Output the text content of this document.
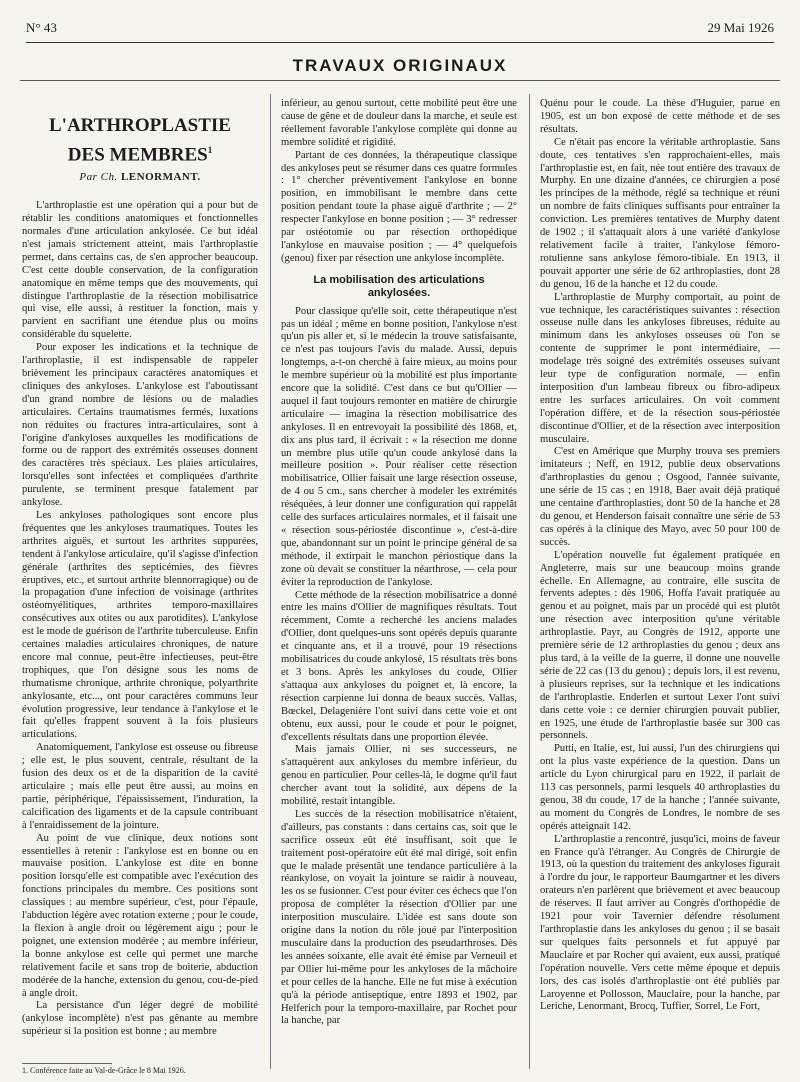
N° 43	29 Mai 1926
TRAVAUX ORIGINAUX
L'ARTHROPLASTIE
DES MEMBRES$^1$
Par Ch. LENORMANT.

L'arthroplastie est une opération qui a pour but de rétablir les conditions anatomiques et fonctionnelles normales d'une articulation ankylosée. Ce but idéal n'est jamais strictement atteint, mais l'arthroplastie permet, dans certains cas, de s'en approcher beaucoup. C'est cette double conservation, de la configuration anatomique en même temps que des mouvements, qui distingue l'arthroplastie de la résection mobilisatrice qui vise, elle aussi, à restituer la fonction, mais y parvient en sacrifiant une étendue plus ou moins considérable du squelette.

Pour exposer les indications et la technique de l'arthroplastie, il est indispensable de rappeler brièvement les principaux caractères anatomiques et cliniques des ankyloses. L'ankylose est l'aboutissant d'un grand nombre de lésions ou de maladies articulaires. Certains traumatismes fermés, luxations non réduites ou fractures intra-articulaires, sont à l'origine d'ankyloses auxquelles les modifications de forme ou de rapport des extrémités osseuses donnent des caractères très spéciaux. Les plaies articulaires, lorsqu'elles sont infectées et compliquées d'arthrite purulente, se terminent presque fatalement par ankylose.

Les ankyloses pathologiques sont encore plus fréquentes que les ankyloses traumatiques. Toutes les arthrites aiguës, et surtout les arthrites suppurées, tendent à l'ankylose articulaire, qu'il s'agisse d'infection générale (arthrites des septicémies, des fièvres éruptives, etc., et surtout arthrite blennorragique) ou de la propagation d'une infection de voisinage (arthrites ostéomyélitiques, arthrites temporo-maxillaires consécutives aux otites ou aux parotidites). L'ankylose est le mode de guérison de l'arthrite tuberculeuse. Enfin certaines maladies articulaires chroniques, de nature encore mal connue, peut-être infectieuses, peut-être trophiques, que l'on désigne sous les noms de rhumatisme chronique, arthrite chronique, polyarthrite ankylosante, etc..., ont pour caractères communs leur évolution progressive, leur tendance à l'ankylose et le fait qu'elles frappent souvent à la fois plusieurs articulations.

Anatomiquement, l'ankylose est osseuse ou fibreuse ; elle est, le plus souvent, centrale, résultant de la fusion des deux os et de la disparition de la cavité articulaire ; mais elle peut être aussi, au moins en partie, périphérique, l'épaississement, l'induration, la calcification des ligaments et de la capsule contribuant à l'enraidissement de la jointure.

Au point de vue clinique, deux notions sont essentielles à retenir : l'ankylose est en bonne ou en mauvaise position. L'ankylose est dite en bonne position lorsqu'elle est compatible avec l'exécution des fonctions principales du membre. Ces positions sont classiques : au membre supérieur, c'est, pour l'épaule, l'abduction légère avec rotation externe ; pour le coude, la flexion à angle droit ou légèrement aigu ; pour le poignet, une extension modérée ; au membre inférieur, la bonne ankylose est celle qui permet une marche relativement facile et sans trop de boiterie, abduction modérée de la hanche, extension du genou, cou-de-pied à angle droit.

La persistance d'un léger degré de mobilité (ankylose incomplète) n'est pas gênante au membre supérieur si la position est bonne ; au membre

inférieur, au genou surtout, cette mobilité peut être une cause de gêne et de douleur dans la marche, et seule est réellement favorable l'ankylose complète qui donne au membre solidité et rigidité.

Partant de ces données, la thérapeutique classique des ankyloses peut se résumer dans ces quatre formules : 1° chercher préventivement l'ankylose en bonne position, en immobilisant le membre dans cette position pendant toute la phase aiguë d'arthrite ; — 2° respecter l'ankylose en bonne position ; — 3° redresser par ostéotomie ou par résection orthopédique l'ankylose en mauvaise position ; — 4° quelquefois (genou) fixer par résection une ankylose incomplète.

La mobilisation des articulations ankylosées.

Pour classique qu'elle soit, cette thérapeutique n'est pas un idéal ; même en bonne position, l'ankylose n'est qu'un pis aller et, si le médecin la trouve satisfaisante, ce n'est pas toujours l'avis du malade. Aussi, depuis longtemps, a-t-on cherché à faire mieux, au moins pour le membre supérieur où la mobilité est plus importante encore que la solidité. C'est dans ce but qu'Ollier — auquel il faut toujours remonter en matière de chirurgie articulaire — imagina la résection mobilisatrice des ankyloses. Il en entrevoyait la possibilité dès 1868, et, dix ans plus tard, il écrivait : « la résection me donne un membre plus utile qu'un coude ankylosé dans la meilleure position ». Pour réaliser cette résection mobilisatrice, Ollier faisait une large résection osseuse, de 4 ou 5 cm., sans chercher à modeler les extrémités réséquées, à leur donner une configuration qui rappelât celle des surfaces articulaires normales, et il faisait une « résection sous-périostée discontinue », c'est-à-dire que, abandonnant sur un point le principe général de sa méthode, il extirpait le manchon périostique dans la zone où devait se constituer la néarthrose, — cela pour éviter la reproduction de l'ankylose.

Cette méthode de la résection mobilisatrice a donné entre les mains d'Ollier de magnifiques résultats. Tout récemment, Comte a recherché les anciens malades d'Ollier, dont quelques-uns sont opérés depuis quarante et cinquante ans, et il a trouvé, pour 19 résections mobilisatrices du coude ankylosé, 15 résultats très bons et 3 bons. Après les ankyloses du coude, Ollier s'attaqua aux ankyloses du poignet et, là encore, la résection carpienne lui donna de beaux succès. Vallas, Bœckel, Delagenière l'ont suivi dans cette voie et ont obtenu, eux aussi, pour le coude et pour le poignet, d'excellents résultats dans une proportion élevée.

Mais jamais Ollier, ni ses successeurs, ne s'attaquèrent aux ankyloses du membre inférieur, du genou en particulier. Pour celles-là, le dogme qu'il faut chercher avant tout la solidité, aux dépens de la mobilité, restait intangible.

Les succès de la résection mobilisatrice n'étaient, d'ailleurs, pas constants : dans certains cas, soit que le sacrifice osseux eût été insuffisant, soit que le traitement post-opératoire eût été mal dirigé, soit enfin que le malade présentât une tendance particulière à la réankylose, on voyait la jointure se raidir à nouveau, les os se fusionner. C'est pour éviter ces échecs que l'on proposa de compléter la résection d'Ollier par une interposition musculaire. L'idée est sans doute son origine dans la notion du rôle joué par l'interposition musculaire dans la production des pseudarthroses. Dès les années soixante, elle avait été émise par Verneuil et par Ollier lui-même pour les ankyloses de la mâchoire et pour celles de la hanche. Elle ne fut mise à exécution qu'à la période antiseptique, entre 1893 et 1902, par Helferich pour la temporo-maxillaire, par Rochet pour la hanche, par

Quénu pour le coude. La thèse d'Huguier, parue en 1905, est un bon exposé de cette méthode et de ses résultats.

Ce n'était pas encore la véritable arthroplastie. Sans doute, ces tentatives s'en rapprochaient-elles, mais l'arthroplastie est, en fait, née tout entière des travaux de Murphy. En une dizaine d'années, ce chirurgien a posé les principes de la méthode, réglé sa technique et réuni un nombre de faits cliniques suffisants pour entraîner la conviction. Les premières tentatives de Murphy datent de 1902 ; il s'attaquait alors à une variété d'ankylose relativement facile à traiter, l'ankylose fémoro-rotulienne sans ankylose fémoro-tibiale. En 1913, il pouvait apporter une série de 62 arthroplasties, dont 28 du genou, 16 de la hanche et 12 du coude.

L'arthroplastie de Murphy comportait, au point de vue technique, les caractéristiques suivantes : résection osseuse nulle dans les ankyloses fibreuses, réduite au minimum dans les ankyloses osseuses où l'on se contente de supprimer le pont intermédiaire, — modelage très soigné des extrémités osseuses suivant leur type de configuration normale, — enfin interposition d'un lambeau fibreux ou fibro-adipeux entre les surfaces articulaires. On voit comment l'opération diffère, et de la résection sous-périostée discontinue d'Ollier, et de la résection avec interposition musculaire.

C'est en Amérique que Murphy trouva ses premiers imitateurs ; Neff, en 1912, publie deux observations d'arthroplasties du genou ; Osgood, l'année suivante, une série de 15 cas ; en 1918, Baer avait déjà pratiqué une centaine d'arthroplasties, dont 50 de la hanche et 28 du genou, et Henderson faisait connaître une série de 53 cas opérés à la clinique des Mayo, avec 50 pour 100 de succès.

L'opération nouvelle fut également pratiquée en Angleterre, mais sur une beaucoup moins grande échelle. En Allemagne, au contraire, elle suscita de fervents adeptes : dès 1906, Hoffa l'avait pratiquée au genou et au poignet, mais par un procédé qui est plutôt une résection avec interposition qu'une véritable arthroplastie. Payr, au Congrès de 1912, apporte une première série de 12 arthroplasties du genou ; deux ans plus tard, à la veille de la guerre, il donne une nouvelle série de 22 cas (13 du genou) ; depuis lors, il est revenu, à plusieurs reprises, sur la technique et les indications de l'arthroplastie. Enderlen et surtout Lexer l'ont suivi dans cette voie : ce dernier chirurgien pouvait publier, en 1925, une étude de l'arthroplastie basée sur 300 cas personnels.

Putti, en Italie, est, lui aussi, l'un des chirurgiens qui ont la plus vaste expérience de la question. Dans un article du Lyon chirurgical paru en 1922, il parlait de 113 cas personnels, parmi lesquels 40 arthroplasties du genou, 38 du coude, 17 de la hanche ; l'année suivante, au moment du Congrès de Londres, le nombre de ses opérés atteignait 142.

L'arthroplastie a rencontré, jusqu'ici, moins de faveur en France qu'à l'étranger. Au Congrès de Chirurgie de 1913, où la question du traitement des ankyloses figurait à l'ordre du jour, le rapporteur Baumgartner et les divers orateurs n'en parlèrent que brièvement et avec beaucoup de réserves. Il faut arriver au Congrès d'orthopédie de 1921 pour voir Tavernier défendre résolument l'arthroplastie dans les ankyloses du genou ; il se basait sur quelques faits personnels et fut appuyé par Mauclaire et par Rocher qui avaient, eux aussi, pratiqué l'opération nouvelle. Vers cette même époque et depuis lors, des cas isolés d'arthroplastie ont été publiés par Laroyenne et Pollosson, Mauclaire, pour la hanche, par Leriche, Lenormant, Brocq, Tuffier, Sorrel, Le Fort,

1. Conférence faite au Val-de-Grâce le 8 Mai 1926.
